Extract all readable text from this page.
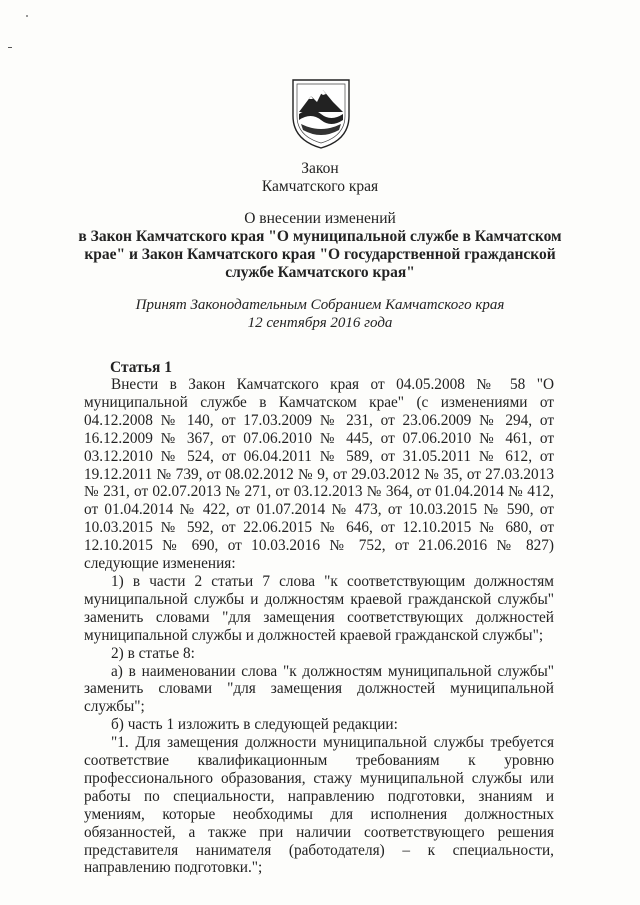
Закон
Камчатского края
О внесении изменений
в Закон Камчатского края "О муниципальной службе в Камчатском крае" и Закон Камчатского края "О государственной гражданской службе Камчатского края"
Принят Законодательным Собранием Камчатского края
12 сентября 2016 года
Статья 1

Внести в Закон Камчатского края от 04.05.2008 № 58 "О муниципальной службе в Камчатском крае" (с изменениями от 04.12.2008 № 140, от 17.03.2009 № 231, от 23.06.2009 № 294, от 16.12.2009 № 367, от 07.06.2010 № 445, от 07.06.2010 № 461, от 03.12.2010 № 524, от 06.04.2011 № 589, от 31.05.2011 № 612, от 19.12.2011 № 739, от 08.02.2012 № 9, от 29.03.2012 № 35, от 27.03.2013 № 231, от 02.07.2013 № 271, от 03.12.2013 № 364, от 01.04.2014 № 412, от 01.04.2014 № 422, от 01.07.2014 № 473, от 10.03.2015 № 590, от 10.03.2015 № 592, от 22.06.2015 № 646, от 12.10.2015 № 680, от 12.10.2015 № 690, от 10.03.2016 № 752, от 21.06.2016 № 827) следующие изменения:

1) в части 2 статьи 7 слова "к соответствующим должностям муниципальной службы и должностям краевой гражданской службы" заменить словами "для замещения соответствующих должностей муниципальной службы и должностей краевой гражданской службы";

2) в статье 8:

а) в наименовании слова "к должностям муниципальной службы" заменить словами "для замещения должностей муниципальной службы";

б) часть 1 изложить в следующей редакции:

"1. Для замещения должности муниципальной службы требуется соответствие квалификационным требованиям к уровню профессионального образования, стажу муниципальной службы или работы по специальности, направлению подготовки, знаниям и умениям, которые необходимы для исполнения должностных обязанностей, а также при наличии соответствующего решения представителя нанимателя (работодателя) – к специальности, направлению подготовки.";
